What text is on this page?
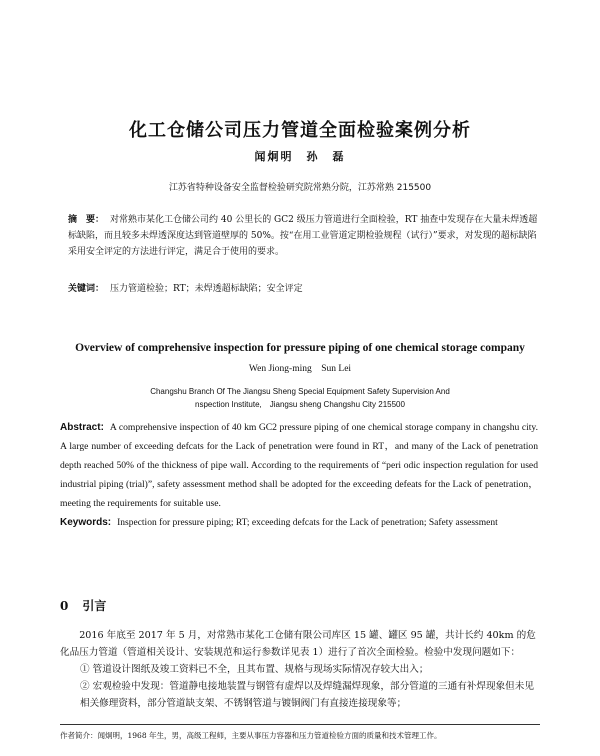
化工仓储公司压力管道全面检验案例分析
闻炯明　孙　磊
江苏省特种设备安全监督检验研究院常熟分院，江苏常熟 215500
摘　要： 对常熟市某化工仓储公司约 40 公里长的 GC2 级压力管道进行全面检验，RT 抽查中发现存在大量未焊透超标缺陷，而且较多未焊透深度达到管道壁厚的 50%。按“在用工业管道定期检验规程（试行）”要求，对发现的超标缺陷采用安全评定的方法进行评定，满足合于使用的要求。
关键词： 压力管道检验；RT；未焊透超标缺陷；安全评定
Overview of comprehensive inspection for pressure piping of one chemical storage company
Wen Jiong-ming　Sun Lei
Changshu Branch Of The Jiangsu Sheng Special Equipment Safety Supervision And
nspection Institute,　Jiangsu sheng Changshu City 215500
Abstract: A comprehensive inspection of 40 km GC2 pressure piping of one chemical storage company in changshu city. A large number of exceeding defcats for the Lack of penetration were found in RT，and many of the Lack of penetration depth reached 50% of the thickness of pipe wall. According to the requirements of “peri odic inspection regulation for used industrial piping (trial)”, safety assessment method shall be adopted for the exceeding defeats for the Lack of penetration，meeting the requirements for suitable use.
Keywords: Inspection for pressure piping; RT; exceeding defcats for the Lack of penetration; Safety assessment
0 引言

2016 年底至 2017 年 5 月，对常熟市某化工仓储有限公司库区 15 罐、罐区 95 罐，共计长约 40km 的危化品压力管道（管道相关设计、安装规范和运行参数详见表 1）进行了首次全面检验。检验中发现问题如下：

① 管道设计图纸及竣工资料已不全，且其布置、规格与现场实际情况存较大出入；

② 宏观检验中发现：管道静电接地装置与钢管有虚焊以及焊缝漏焊现象，部分管道的三通有补焊现象但未见相关修理资料，部分管道缺支架、不锈钢管道与镀铜阀门有直接连接现象等；

作者简介：闻炯明，1968 年生，男，高级工程师，主要从事压力容器和压力管道检验方面的质量和技术管理工作。
